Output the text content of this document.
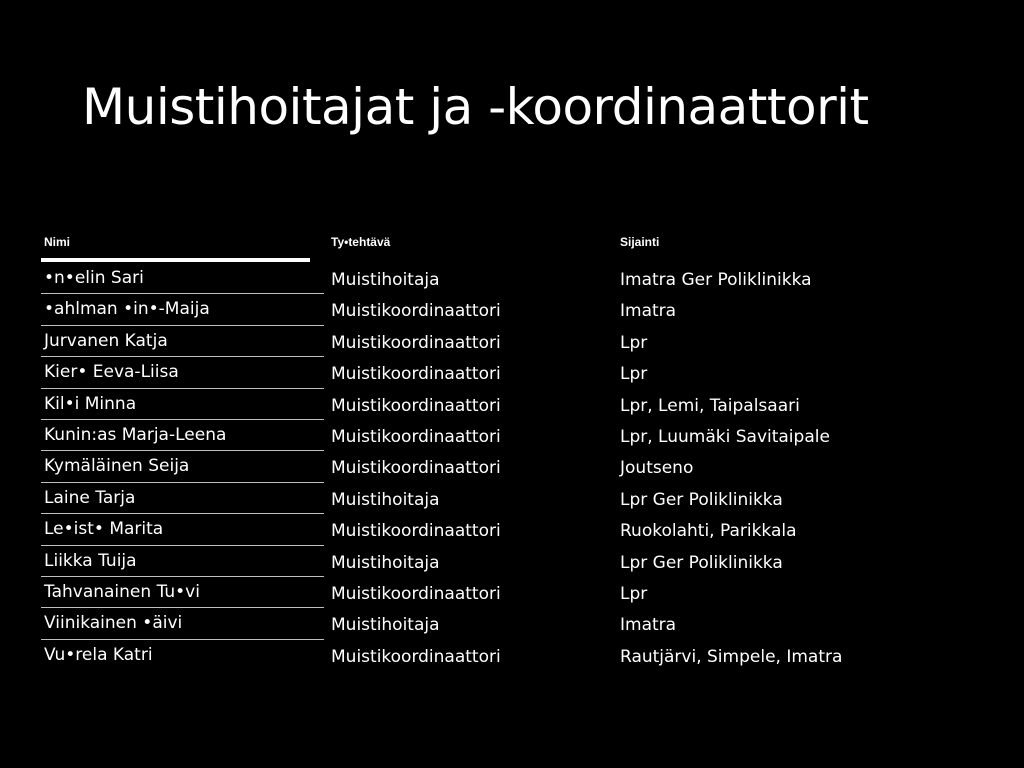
Muistihoitajat ja -koordinaattorit
Nimi	Ty•tehtävä	Sijainti
•n•elin Sari	Muistihoitaja	Imatra Ger Poliklinikka
•ahlman •in•-Maija	Muistikoordinaattori	Imatra
Jurvanen Katja	Muistikoordinaattori	Lpr
Kier• Eeva-Liisa	Muistikoordinaattori	Lpr
Kil•i Minna	Muistikoordinaattori	Lpr, Lemi, Taipalsaari
Kunin:as Marja-Leena	Muistikoordinaattori	Lpr, Luumäki Savitaipale
Kymäläinen Seija	Muistikoordinaattori	Joutseno
Laine Tarja	Muistihoitaja	Lpr Ger Poliklinikka
Le•ist• Marita	Muistikoordinaattori	Ruokolahti, Parikkala
Liikka Tuija	Muistihoitaja	Lpr Ger Poliklinikka
Tahvanainen Tu•vi	Muistikoordinaattori	Lpr
Viinikainen •äivi	Muistihoitaja	Imatra
Vu•rela Katri	Muistikoordinaattori	Rautjärvi, Simpele, Imatra
